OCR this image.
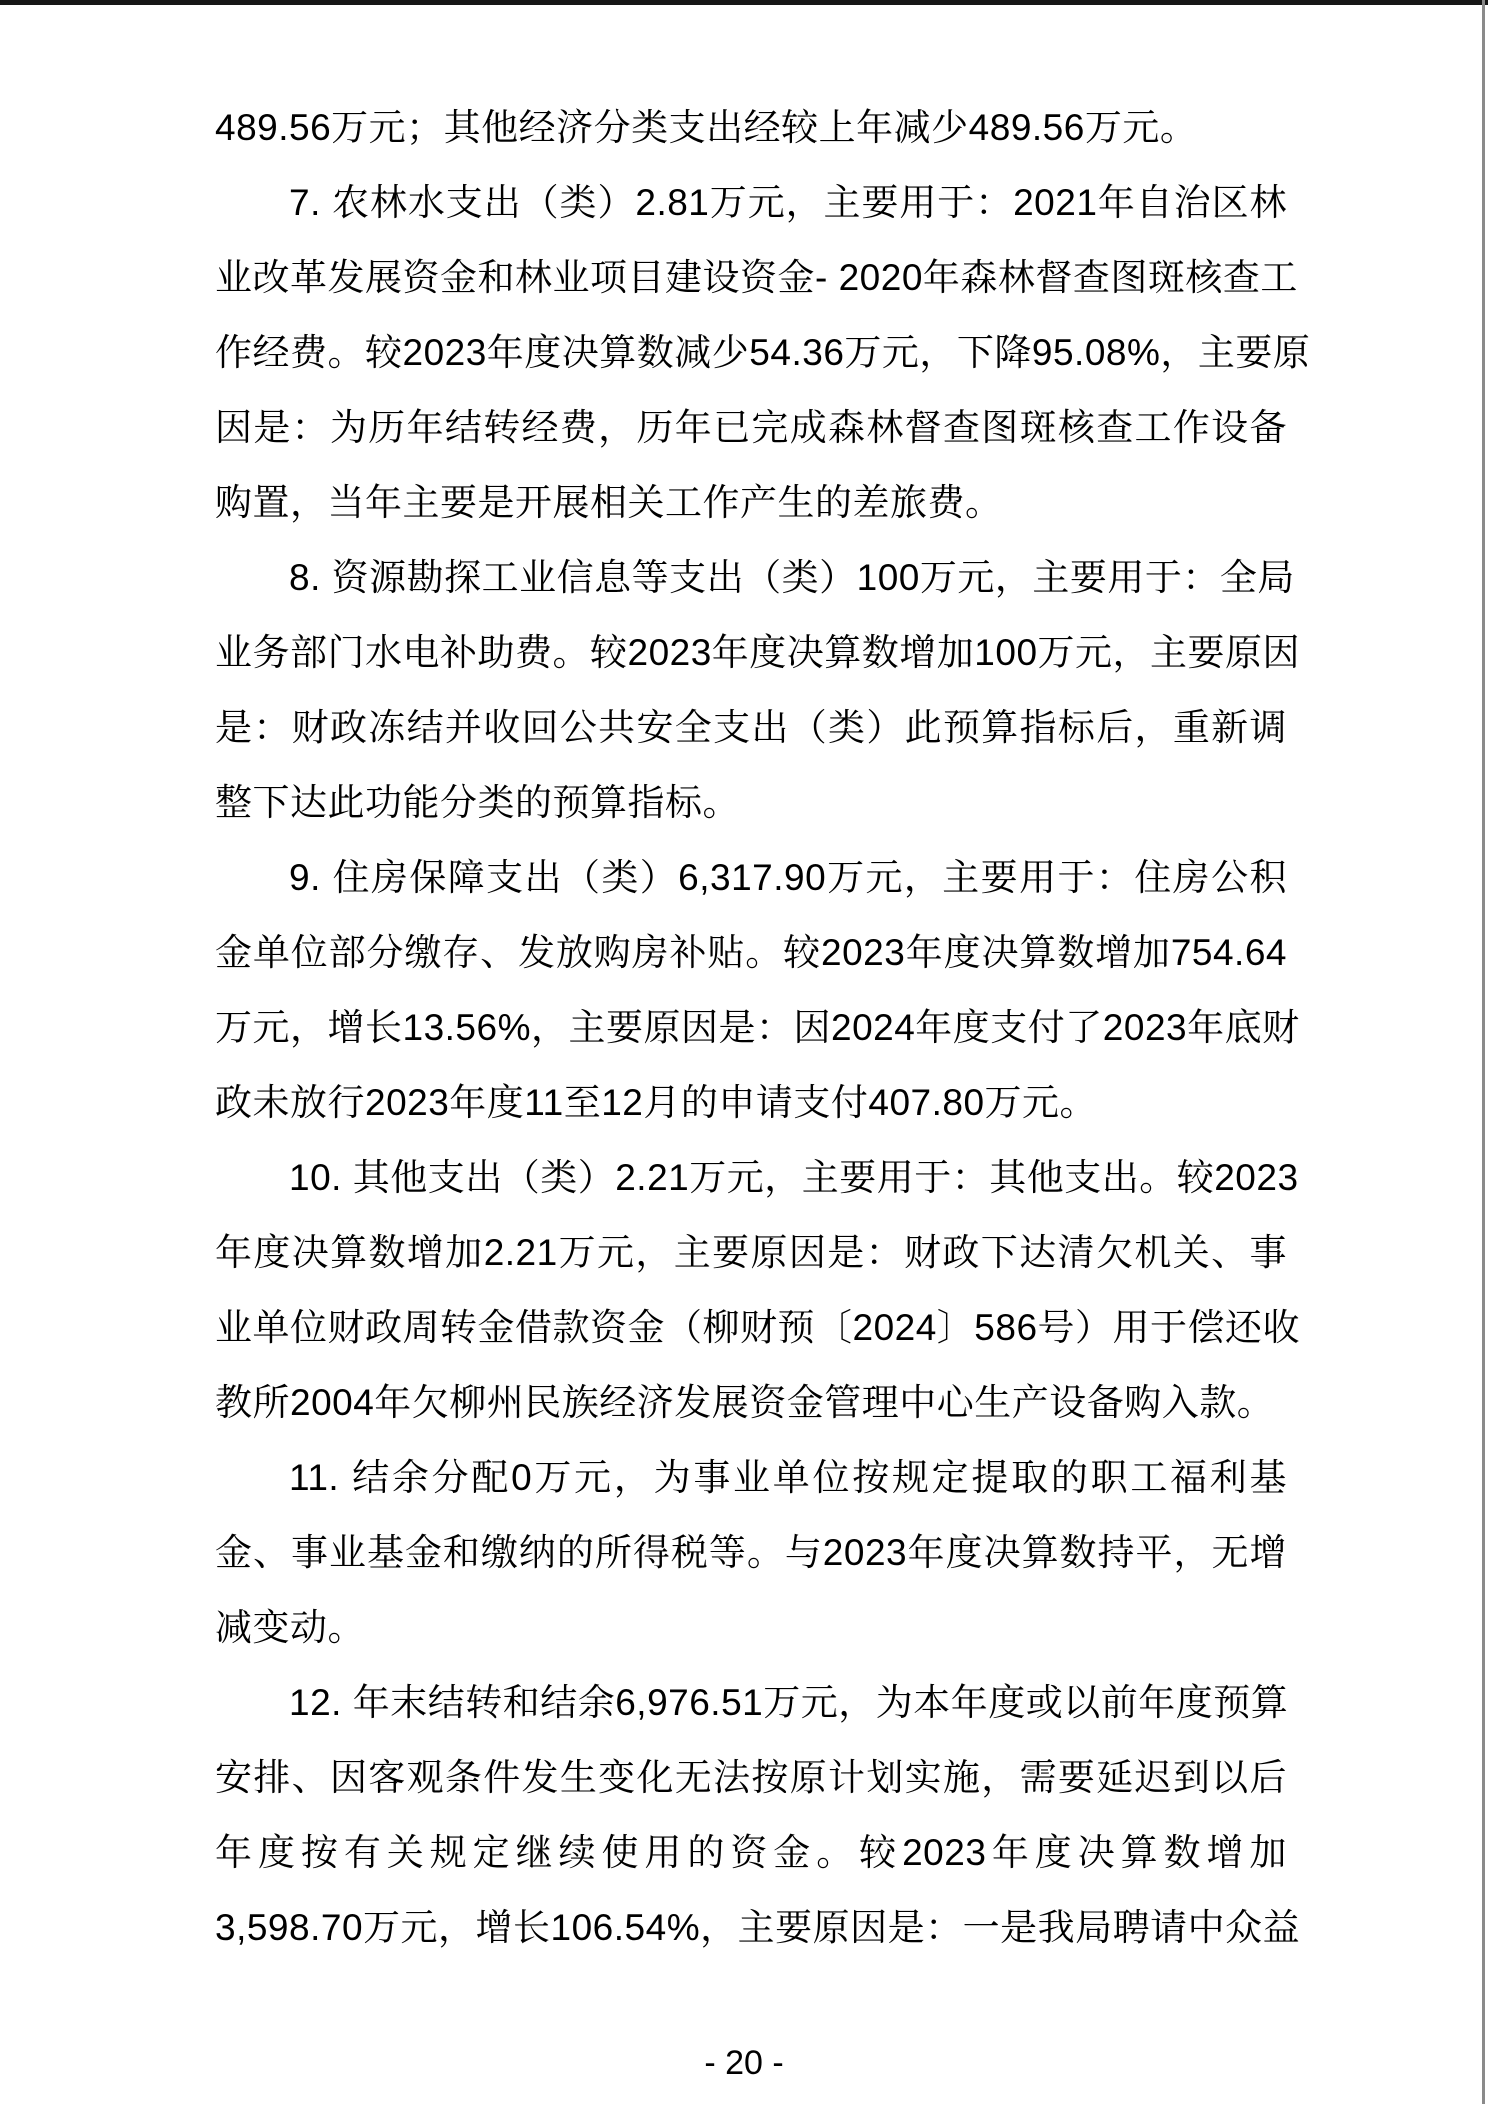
489.56万元；其他经济分类支出经较上年减少489.56万元。
7. 农林水支出（类）2.81万元，主要用于：2021年自治区林
业改革发展资金和林业项目建设资金- 2020年森林督查图斑核查工
作经费。较2023年度决算数减少54.36万元，下降95.08%，主要原
因是：为历年结转经费，历年已完成森林督查图斑核查工作设备
购置，当年主要是开展相关工作产生的差旅费。
8. 资源勘探工业信息等支出（类）100万元，主要用于：全局
业务部门水电补助费。较2023年度决算数增加100万元，主要原因
是：财政冻结并收回公共安全支出（类）此预算指标后，重新调
整下达此功能分类的预算指标。
9. 住房保障支出（类）6,317.90万元，主要用于：住房公积
金单位部分缴存、发放购房补贴。较2023年度决算数增加754.64
万元，增长13.56%，主要原因是：因2024年度支付了2023年底财
政未放行2023年度11至12月的申请支付407.80万元。
10. 其他支出（类）2.21万元，主要用于：其他支出。较2023
年度决算数增加2.21万元，主要原因是：财政下达清欠机关、事
业单位财政周转金借款资金（柳财预〔2024〕586号）用于偿还收
教所2004年欠柳州民族经济发展资金管理中心生产设备购入款。
11. 结余分配0万元，为事业单位按规定提取的职工福利基
金、事业基金和缴纳的所得税等。与2023年度决算数持平，无增
减变动。
12. 年末结转和结余6,976.51万元，为本年度或以前年度预算
安排、因客观条件发生变化无法按原计划实施，需要延迟到以后
年度按有关规定继续使用的资金。较2023年度决算数增加
3,598.70万元，增长106.54%，主要原因是：一是我局聘请中众益
- 20 -
